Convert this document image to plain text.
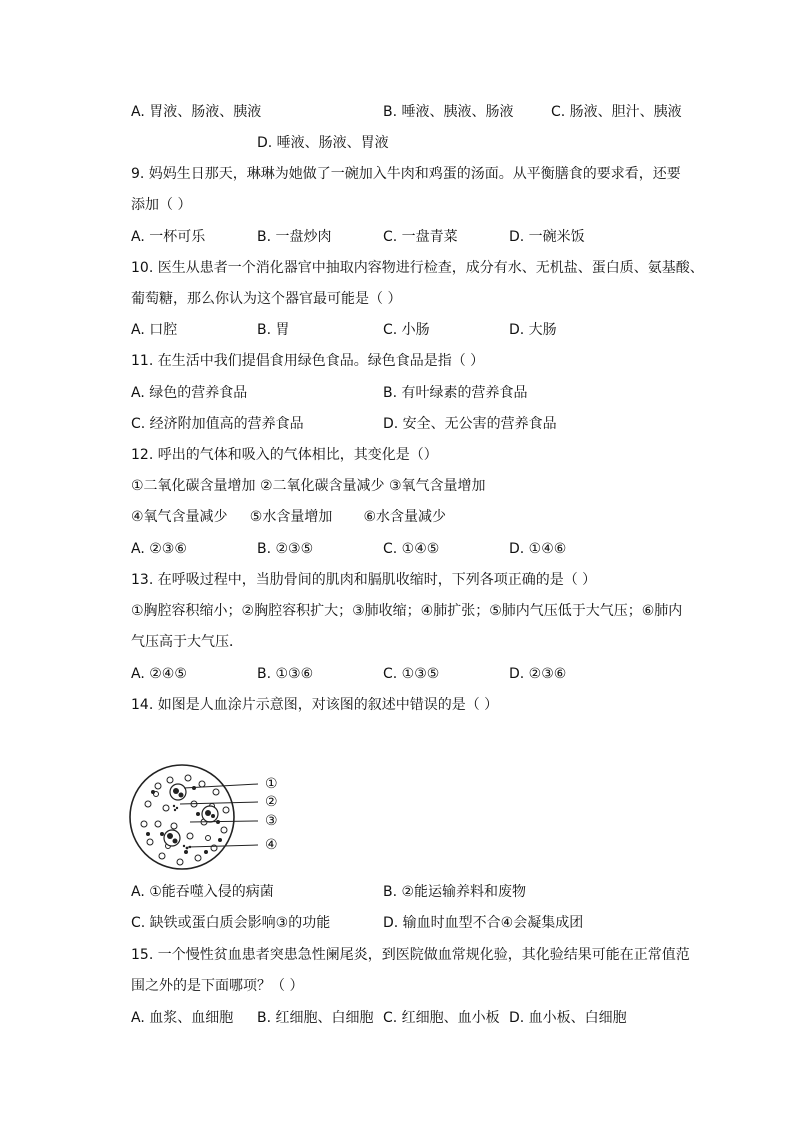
A. 胃液、肠液、胰液	B. 唾液、胰液、肠液	C. 肠液、胆汁、胰液
D. 唾液、肠液、胃液
9. 妈妈生日那天，琳琳为她做了一碗加入牛肉和鸡蛋的汤面。从平衡膳食的要求看，还要
添加（ ）
A. 一杯可乐	B. 一盘炒肉	C. 一盘青菜	D. 一碗米饭
10. 医生从患者一个消化器官中抽取内容物进行检查，成分有水、无机盐、蛋白质、氨基酸、
葡萄糖，那么你认为这个器官最可能是（ ）
A. 口腔	B. 胃	C. 小肠	D. 大肠
11. 在生活中我们提倡食用绿色食品。绿色食品是指（ ）
A. 绿色的营养食品	B. 有叶绿素的营养食品
C. 经济附加值高的营养食品	D. 安全、无公害的营养食品
12. 呼出的气体和吸入的气体相比，其变化是（）
①二氧化碳含量增加 ②二氧化碳含量减少 ③氧气含量增加
④氧气含量减少     ⑤水含量增加       ⑥水含量减少
A. ②③⑥	B. ②③⑤	C. ①④⑤	D. ①④⑥
13. 在呼吸过程中，当肋骨间的肌肉和膈肌收缩时，下列各项正确的是（ ）
①胸腔容积缩小；②胸腔容积扩大；③肺收缩；④肺扩张；⑤肺内气压低于大气压；⑥肺内
气压高于大气压．
A. ②④⑤	B. ①③⑥	C. ①③⑤	D. ②③⑥
14. 如图是人血涂片示意图，对该图的叙述中错误的是（ ）
①
②
③
④
A. ①能吞噬入侵的病菌	B. ②能运输养料和废物
C. 缺铁或蛋白质会影响③的功能	D. 输血时血型不合④会凝集成团
15. 一个慢性贫血患者突患急性阑尾炎，到医院做血常规化验，其化验结果可能在正常值范
围之外的是下面哪项？（ ）
A. 血浆、血细胞 B. 红细胞、白细胞 C. 红细胞、血小板 D. 血小板、白细胞
